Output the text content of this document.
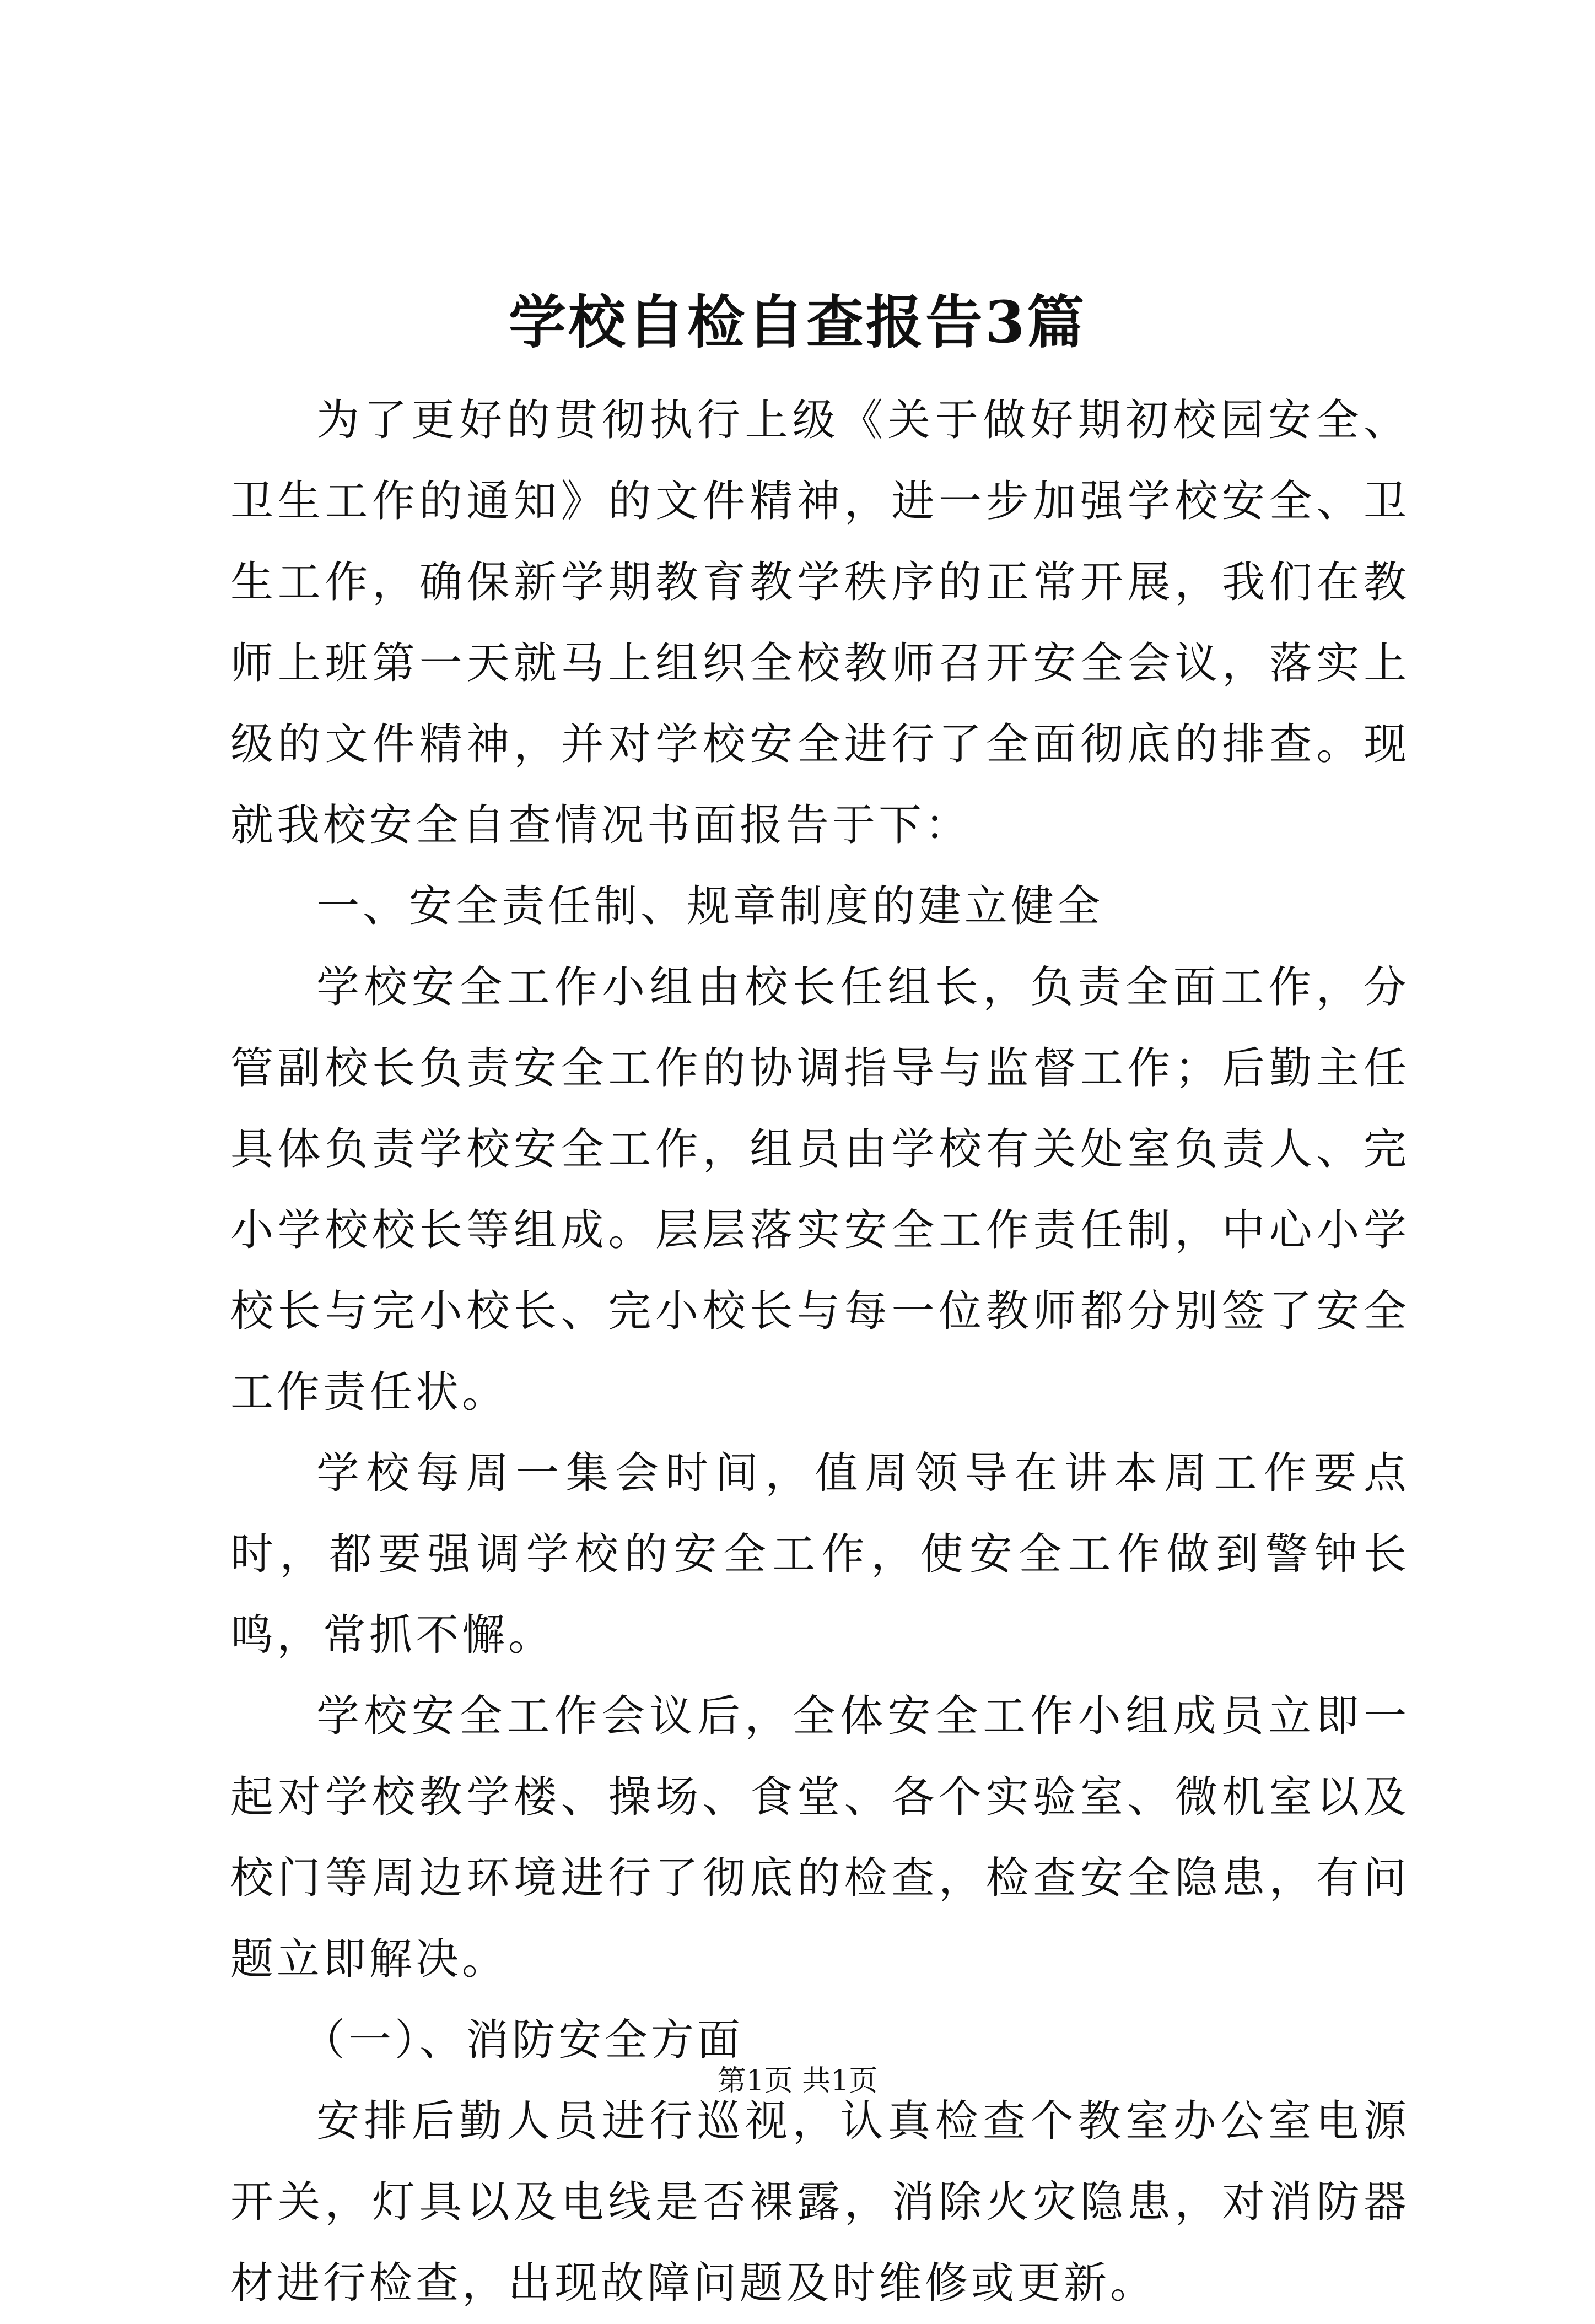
学校自检自查报告3篇

为了更好的贯彻执行上级《关于做好期初校园安全、卫生工作的通知》的文件精神，进一步加强学校安全、卫生工作，确保新学期教育教学秩序的正常开展，我们在教师上班第一天就马上组织全校教师召开安全会议，落实上级的文件精神，并对学校安全进行了全面彻底的排查。现就我校安全自查情况书面报告于下：

一、安全责任制、规章制度的建立健全

学校安全工作小组由校长任组长，负责全面工作，分管副校长负责安全工作的协调指导与监督工作；后勤主任具体负责学校安全工作，组员由学校有关处室负责人、完小学校校长等组成。层层落实安全工作责任制，中心小学校长与完小校长、完小校长与每一位教师都分别签了安全工作责任状。

学校每周一集会时间，值周领导在讲本周工作要点时，都要强调学校的安全工作，使安全工作做到警钟长鸣，常抓不懈。

学校安全工作会议后，全体安全工作小组成员立即一起对学校教学楼、操场、食堂、各个实验室、微机室以及校门等周边环境进行了彻底的检查，检查安全隐患，有问题立即解决。

（一）、消防安全方面

安排后勤人员进行巡视，认真检查个教室办公室电源开关，灯具以及电线是否裸露，消除火灾隐患，对消防器材进行检查，出现故障问题及时维修或更新。

第1页 共1页
